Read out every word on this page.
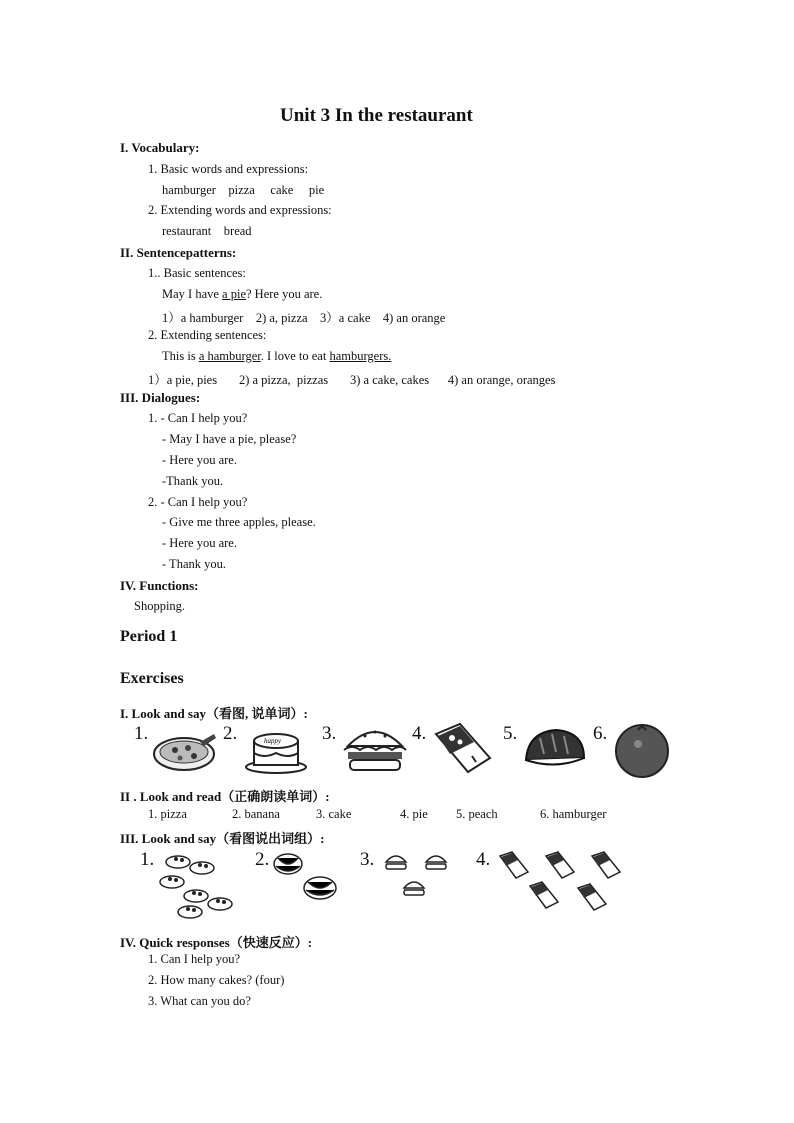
Unit 3 In the restaurant
I. Vocabulary:
1. Basic words and expressions:
hamburger    pizza     cake     pie
2. Extending words and expressions:
restaurant    bread
II. Sentencepatterns:
1.. Basic sentences:
May I have a pie? Here you are.
1）a hamburger    2) a, pizza    3）a cake    4) an orange
2. Extending sentences:
This is a hamburger. I love to eat hamburgers.
1）a pie, pies       2) a pizza,  pizzas       3) a cake, cakes      4) an orange, oranges
III. Dialogues:
1. - Can I help you?
- May I have a pie, please?
- Here you are.
-Thank you.
2. - Can I help you?
- Give me three apples, please.
- Here you are.
- Thank you.
IV. Functions:
Shopping.
Period 1
Exercises
I. Look and say（看图, 说单词）:
1.	2.	3.	4.	5.	6.
happy
II . Look and read（正确朗读单词）:
1. pizza	2. banana	3. cake	4. pie 5. peach	6. hamburger
III. Look and say（看图说出词组）:
1.	2.	3.	4.
IV. Quick responses（快速反应）:
1. Can I help you?
2. How many cakes? (four)
3. What can you do?
